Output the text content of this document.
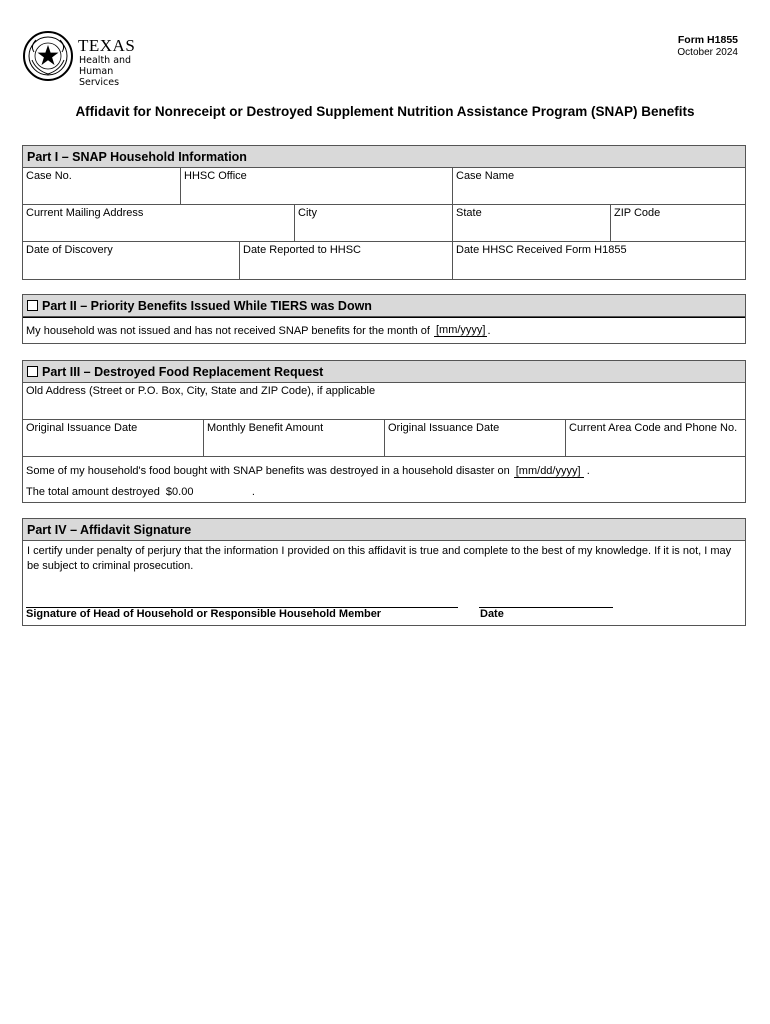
TEXAS
Health and Human
Services
Form H1855
October 2024
Affidavit for Nonreceipt or Destroyed Supplement Nutrition Assistance Program (SNAP) Benefits
Part I – SNAP Household Information
Case No.	HHSC Office	Case Name
Current Mailing Address	City	State	ZIP Code
Date of Discovery	Date Reported to HHSC	Date HHSC Received Form H1855
Part II – Priority Benefits Issued While TIERS was Down
My household was not issued and has not received SNAP benefits for the month of [mm/yyyy] .
Part III – Destroyed Food Replacement Request
Old Address (Street or P.O. Box, City, State and ZIP Code), if applicable
Original Issuance Date	Monthly Benefit Amount	Original Issuance Date	Current Area Code and Phone No.
Some of my household's food bought with SNAP benefits was destroyed in a household disaster on [mm/dd/yyyy] .
The total amount destroyed $0.00	.
Part IV – Affidavit Signature
I certify under penalty of perjury that the information I provided on this affidavit is true and complete to the best of my knowledge. If it is not, I may be subject to criminal prosecution.
Signature of Head of Household or Responsible Household Member	Date
